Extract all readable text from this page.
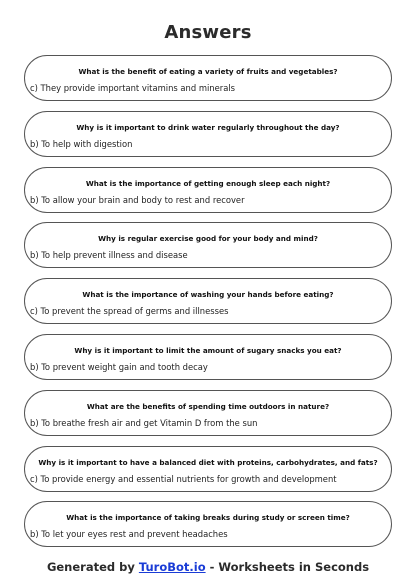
Answers
What is the benefit of eating a variety of fruits and vegetables?
c) They provide important vitamins and minerals
Why is it important to drink water regularly throughout the day?
b) To help with digestion
What is the importance of getting enough sleep each night?
b) To allow your brain and body to rest and recover
Why is regular exercise good for your body and mind?
b) To help prevent illness and disease
What is the importance of washing your hands before eating?
c) To prevent the spread of germs and illnesses
Why is it important to limit the amount of sugary snacks you eat?
b) To prevent weight gain and tooth decay
What are the benefits of spending time outdoors in nature?
b) To breathe fresh air and get Vitamin D from the sun
Why is it important to have a balanced diet with proteins, carbohydrates, and fats?
c) To provide energy and essential nutrients for growth and development
What is the importance of taking breaks during study or screen time?
b) To let your eyes rest and prevent headaches
Generated by TuroBot.io - Worksheets in Seconds
